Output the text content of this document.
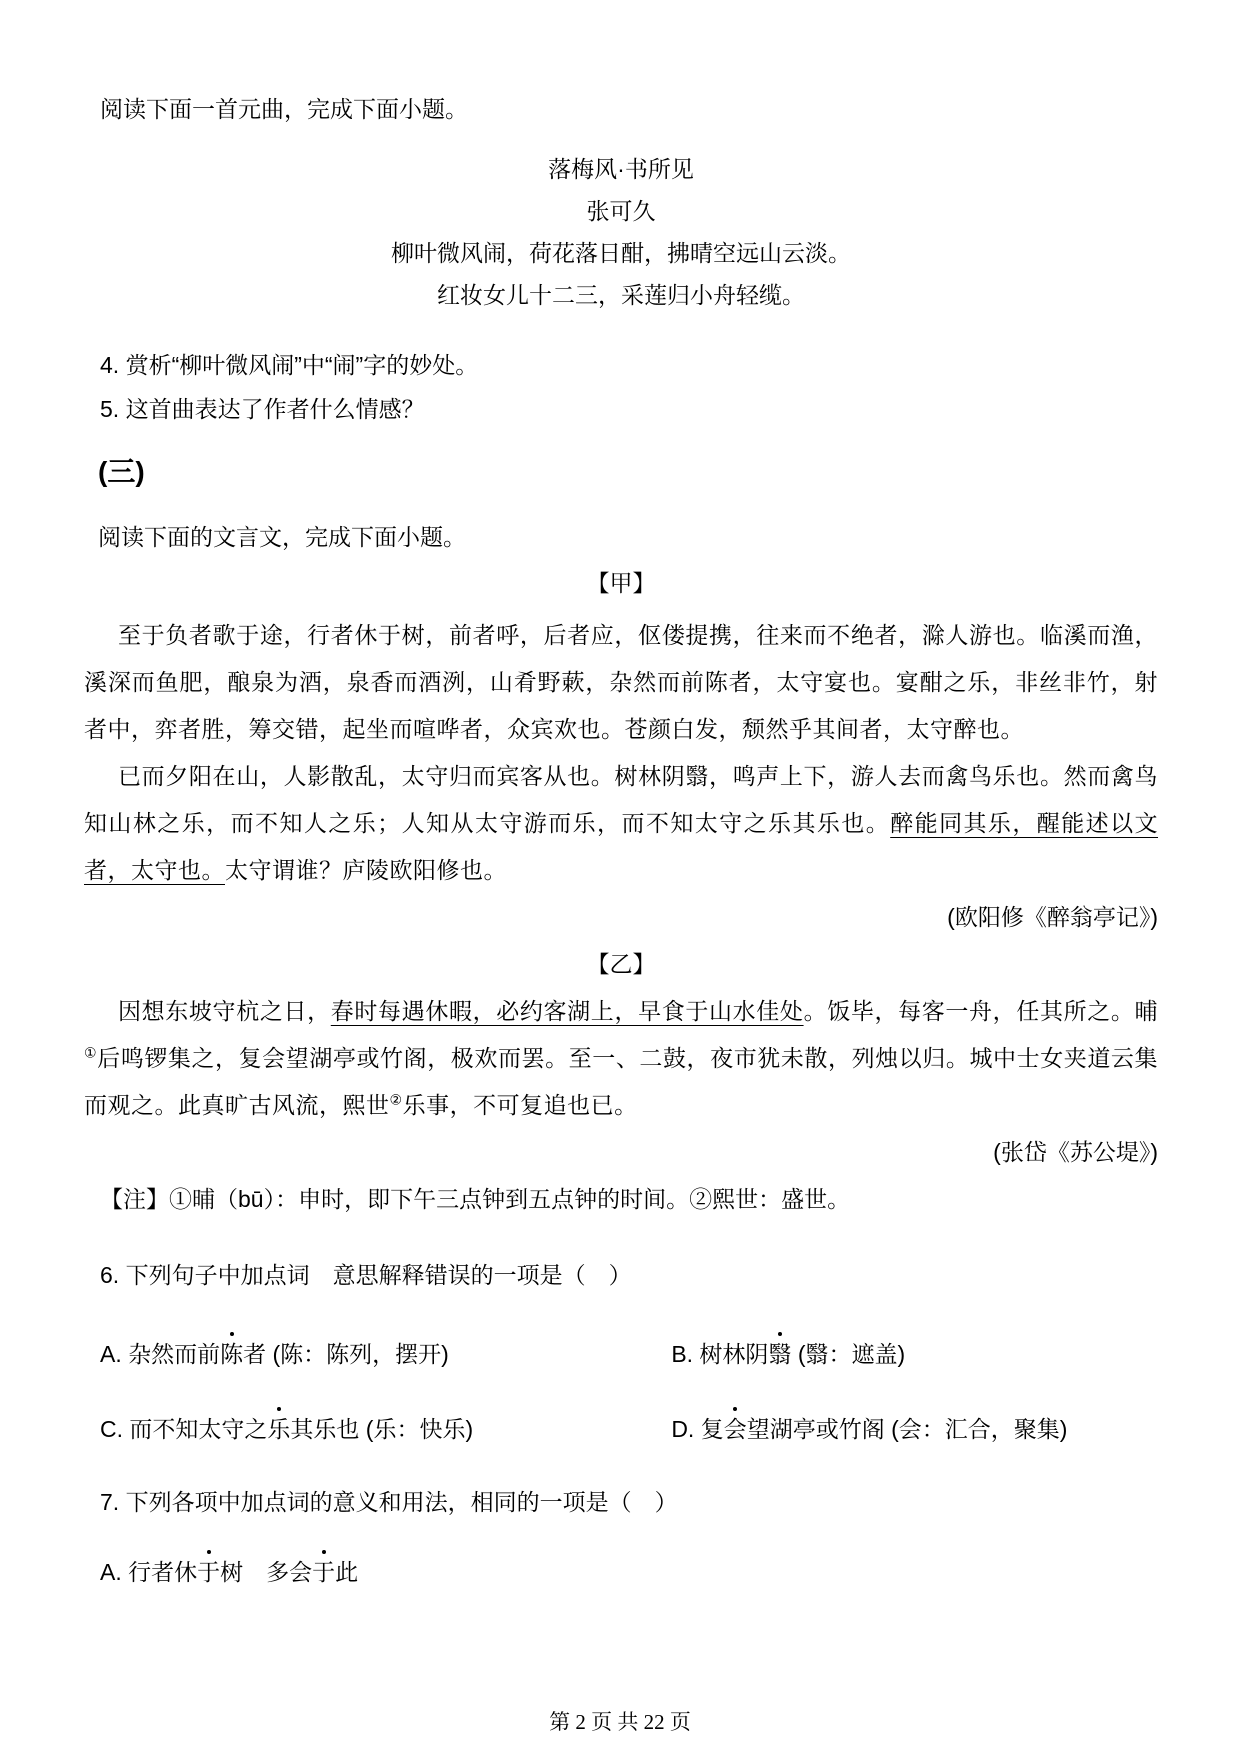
阅读下面一首元曲，完成下面小题。

落梅风·书所见

张可久

柳叶微风闹，荷花落日酣，拂晴空远山云淡。

红妆女儿十二三，采莲归小舟轻缆。

4. 赏析“柳叶微风闹”中“闹”字的妙处。

5. 这首曲表达了作者什么情感？

(三)

阅读下面的文言文，完成下面小题。

【甲】

至于负者歌于途，行者休于树，前者呼，后者应，伛偻提携，往来而不绝者，滁人游也。临溪而渔，溪深而鱼肥，酿泉为酒，泉香而酒洌，山肴野蔌，杂然而前陈者，太守宴也。宴酣之乐，非丝非竹，射者中，弈者胜，筹交错，起坐而喧哗者，众宾欢也。苍颜白发，颓然乎其间者，太守醉也。

已而夕阳在山，人影散乱，太守归而宾客从也。树林阴翳，鸣声上下，游人去而禽鸟乐也。然而禽鸟知山林之乐，而不知人之乐；人知从太守游而乐，而不知太守之乐其乐也。醉能同其乐，醒能述以文者，太守也。太守谓谁？庐陵欧阳修也。

(欧阳修《醉翁亭记》)

【乙】

因想东坡守杭之日，春时每遇休暇，必约客湖上，早食于山水佳处。饭毕，每客一舟，任其所之。晡①后鸣锣集之，复会望湖亭或竹阁，极欢而罢。至一、二鼓，夜市犹未散，列烛以归。城中士女夹道云集而观之。此真旷古风流，熙世②乐事，不可复追也已。

(张岱《苏公堤》)

【注】①晡（bū）：申时，即下午三点钟到五点钟的时间。②熙世：盛世。

6. 下列句子中加点词　意思解释错误的一项是（　）

A. 杂然而前陈者 (陈：陈列，摆开)	B. 树林阴翳 (翳：遮盖)
C. 而不知太守之乐其乐也 (乐：快乐)	D. 复会望湖亭或竹阁 (会：汇合，聚集)

7. 下列各项中加点词的意义和用法，相同的一项是（　）

A. 行者休于树　多会于此

第 2 页 共 22 页
